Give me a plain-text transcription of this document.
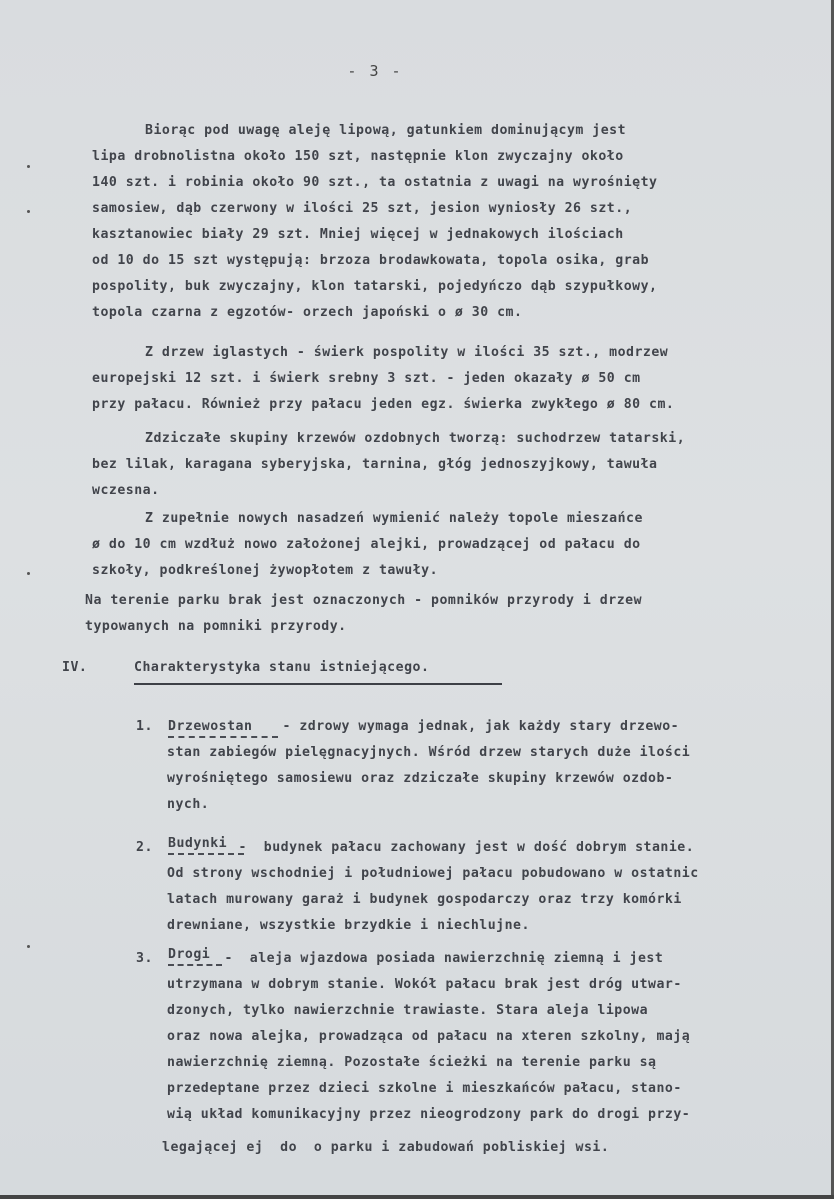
- 3 -
Biorąc pod uwagę aleję lipową, gatunkiem dominującym jest
lipa drobnolistna około 150 szt, następnie klon zwyczajny około
140 szt. i robinia około 90 szt., ta ostatnia z uwagi na wyrośnięty
samosiew, dąb czerwony w ilości 25 szt, jesion wyniosły 26 szt.,
kasztanowiec biały 29 szt. Mniej więcej w jednakowych ilościach
od 10 do 15 szt występują: brzoza brodawkowata, topola osika, grab
pospolity, buk zwyczajny, klon tatarski, pojedyńczo dąb szypułkowy,
topola czarna z egzotów- orzech japoński o ø 30 cm.
Z drzew iglastych - świerk pospolity w ilości 35 szt., modrzew
europejski 12 szt. i świerk srebny 3 szt. - jeden okazały ø 50 cm
przy pałacu. Również przy pałacu jeden egz. świerka zwykłego ø 80 cm.
Zdziczałe skupiny krzewów ozdobnych tworzą: suchodrzew tatarski,
bez lilak, karagana syberyjska, tarnina, głóg jednoszyjkowy, tawuła
wczesna.
Z zupełnie nowych nasadzeń wymienić należy topole mieszańce
ø do 10 cm wzdłuż nowo założonej alejki, prowadzącej od pałacu do
szkoły, podkreślonej żywopłotem z tawuły.
Na terenie parku brak jest oznaczonych - pomników przyrody i drzew
typowanych na pomniki przyrody.
IV.	Charakterystyka stanu istniejącego.
1. Drzewostan - zdrowy wymaga jednak, jak każdy stary drzewo-
stan zabiegów pielęgnacyjnych. Wśród drzew starych duże ilości
wyrośniętego samosiewu oraz zdziczałe skupiny krzewów ozdob-
nych.
2. Budynki -  budynek pałacu zachowany jest w dość dobrym stanie.
Od strony wschodniej i południowej pałacu pobudowano w ostatnic
latach murowany garaż i budynek gospodarczy oraz trzy komórki
drewniane, wszystkie brzydkie i niechlujne.
3. Drogi -  aleja wjazdowa posiada nawierzchnię ziemną i jest
utrzymana w dobrym stanie. Wokół pałacu brak jest dróg utwar-
dzonych, tylko nawierzchnie trawiaste. Stara aleja lipowa
oraz nowa alejka, prowadząca od pałacu na xteren szkolny, mają
nawierzchnię ziemną. Pozostałe ścieżki na terenie parku są
przedeptane przez dzieci szkolne i mieszkańców pałacu, stano-
wią układ komunikacyjny przez nieogrodzony park do drogi przy-
legającej ej  do  o parku i zabudowań pobliskiej wsi.
